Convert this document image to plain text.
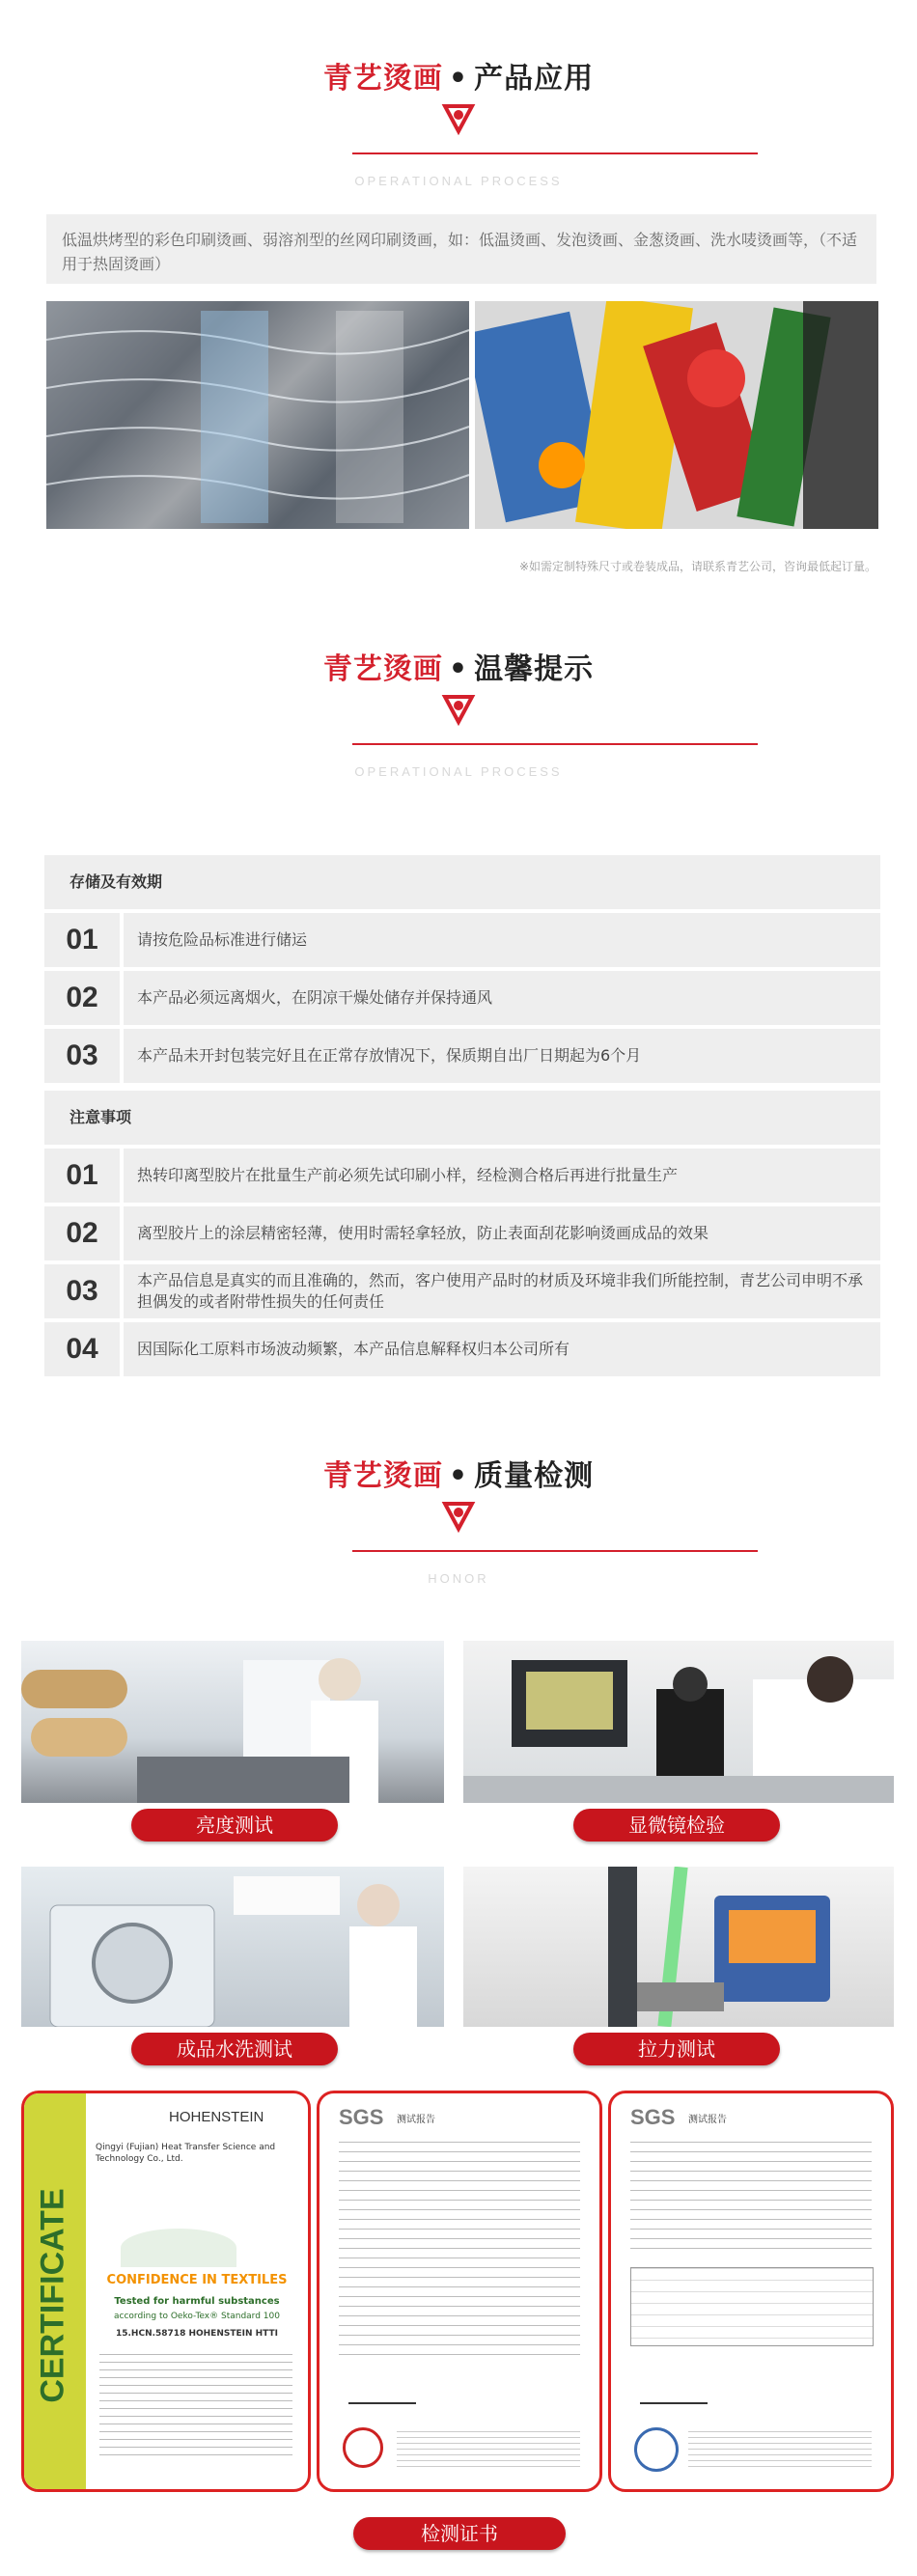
青艺烫画 • 产品应用
OPERATIONAL PROCESS

低温烘烤型的彩色印刷烫画、弱溶剂型的丝网印刷烫画，如：低温烫画、发泡烫画、金葱烫画、洗水唛烫画等，（不适用于热固烫画）

※如需定制特殊尺寸或卷装成品，请联系青艺公司，咨询最低起订量。
青艺烫画 • 温馨提示
OPERATIONAL PROCESS
存储及有效期
01	请按危险品标准进行储运
02	本产品必须远离烟火，在阴凉干燥处储存并保持通风
03	本产品未开封包装完好且在正常存放情况下，保质期自出厂日期起为6个月
注意事项
01	热转印离型胶片在批量生产前必须先试印刷小样，经检测合格后再进行批量生产
02	离型胶片上的涂层精密轻薄，使用时需轻拿轻放，防止表面刮花影响烫画成品的效果
03	本产品信息是真实的而且准确的，然而，客户使用产品时的材质及环境非我们所能控制，青艺公司申明不承担偶发的或者附带性损失的任何责任
04	因国际化工原料市场波动频繁，本产品信息解释权归本公司所有
青艺烫画 • 质量检测
HONOR
亮度测试	显微镜检验
成品水洗测试	拉力测试
CERTIFICATE
HOHENSTEIN
Qingyi (Fujian) Heat Transfer Science and Technology Co., Ltd.
CONFIDENCE IN TEXTILES
Tested for harmful substances
according to Oeko-Tex® Standard 100
15.HCN.58718 HOHENSTEIN HTTI
SGS 测试报告	SGS 测试报告
检测证书
